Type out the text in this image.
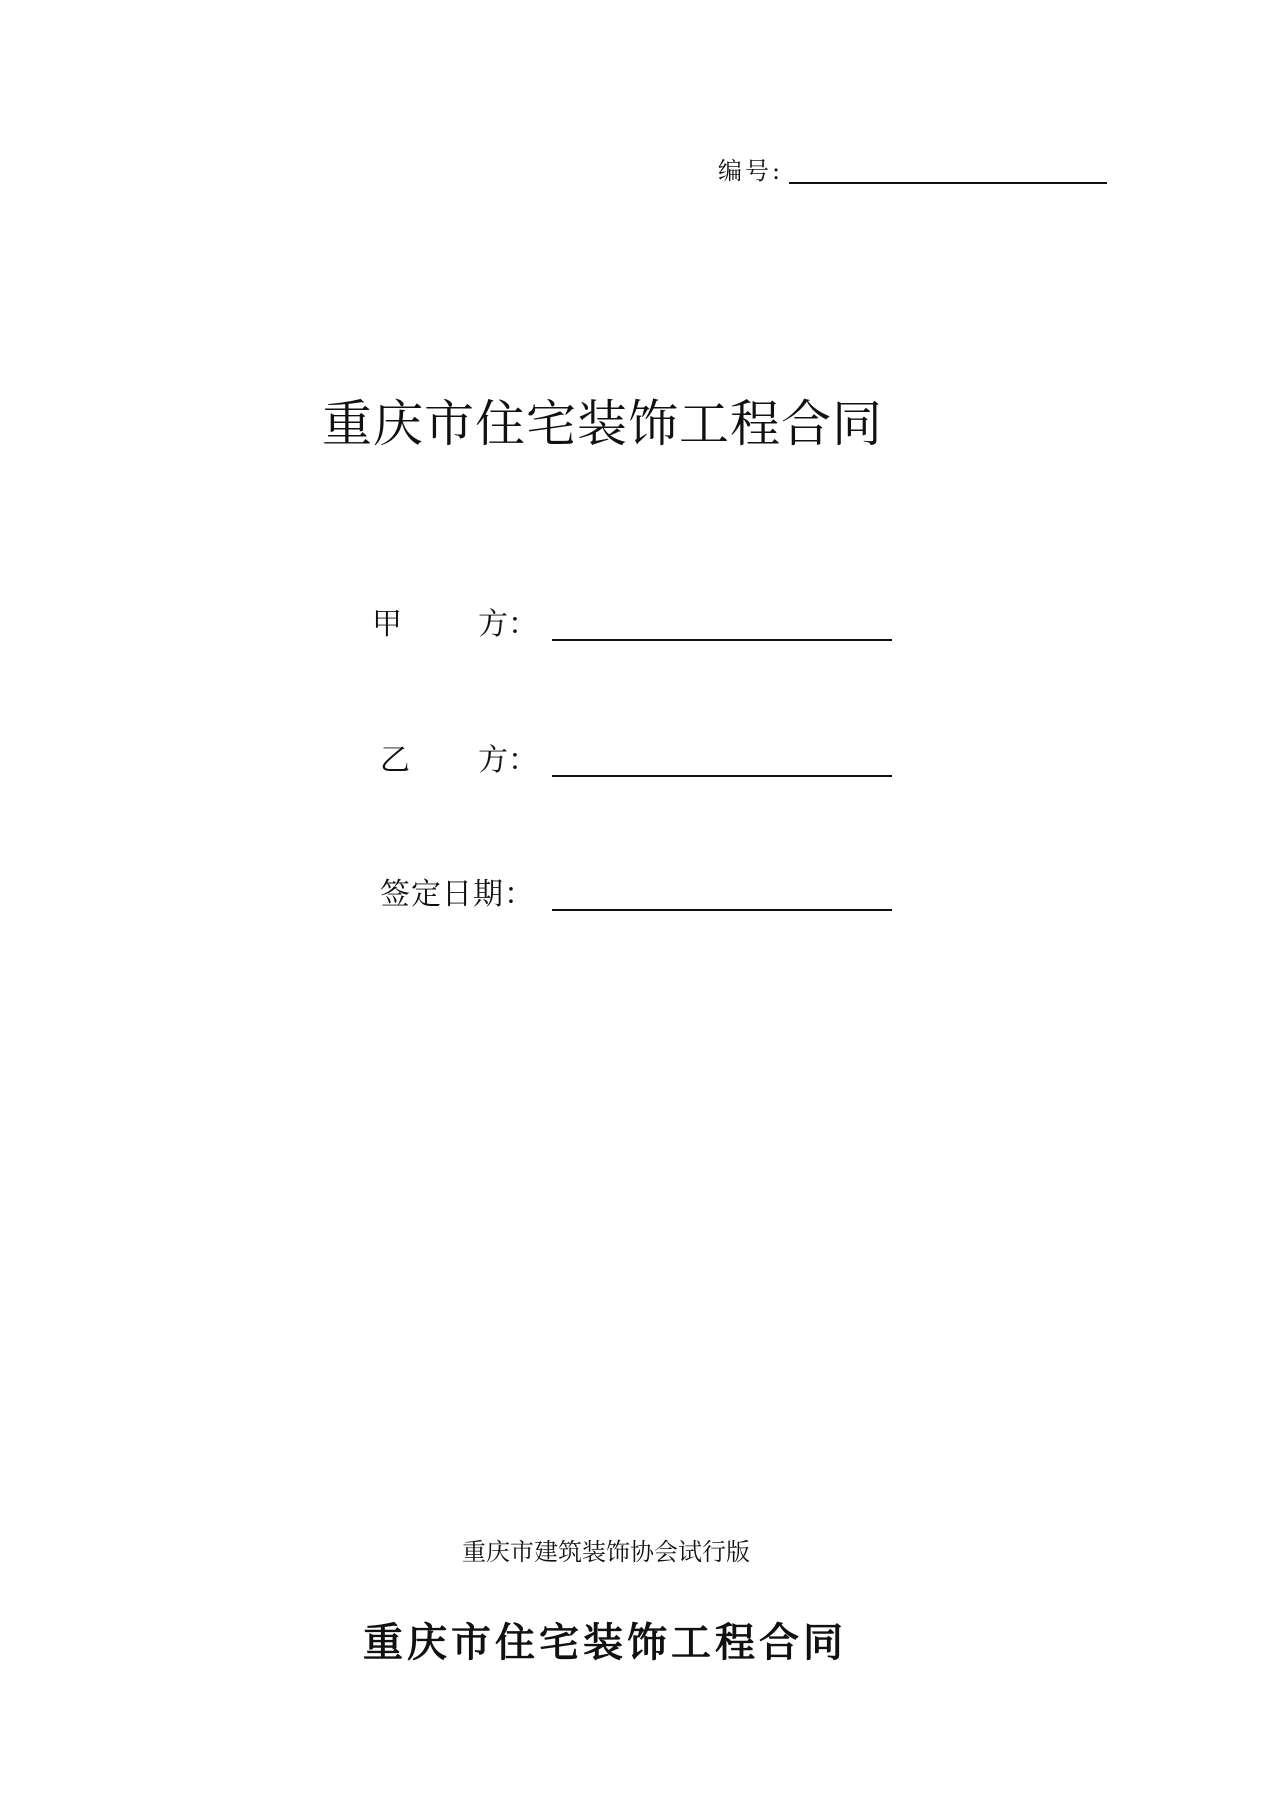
编号:
重庆市住宅装饰工程合同
甲	方：
乙 方：
签定日期：
重庆市建筑装饰协会试行版
重庆市住宅装饰工程合同
